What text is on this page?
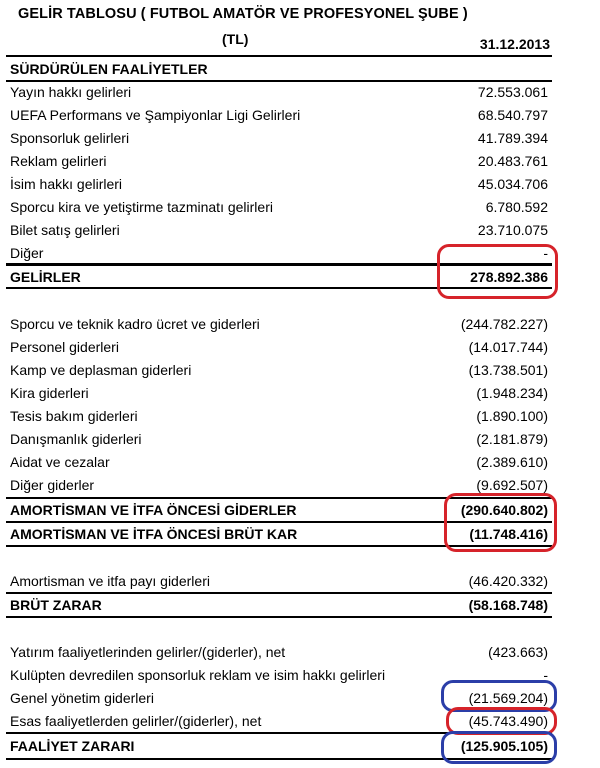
GELİR TABLOSU ( FUTBOL AMATÖR VE PROFESYONEL ŞUBE )
(TL)	31.12.2013
SÜRDÜRÜLEN FAALİYETLER
Yayın hakkı gelirleri	72.553.061
UEFA Performans ve Şampiyonlar Ligi Gelirleri	68.540.797
Sponsorluk gelirleri	41.789.394
Reklam gelirleri	20.483.761
İsim hakkı gelirleri	45.034.706
Sporcu kira ve yetiştirme tazminatı gelirleri	6.780.592
Bilet satış gelirleri	23.710.075
Diğer	-
GELİRLER	278.892.386
Sporcu ve teknik kadro ücret ve giderleri	(244.782.227)
Personel giderleri	(14.017.744)
Kamp ve deplasman giderleri	(13.738.501)
Kira giderleri	(1.948.234)
Tesis bakım giderleri	(1.890.100)
Danışmanlık giderleri	(2.181.879)
Aidat ve cezalar	(2.389.610)
Diğer giderler	(9.692.507)
AMORTİSMAN VE İTFA ÖNCESİ GİDERLER	(290.640.802)
AMORTİSMAN VE İTFA ÖNCESİ BRÜT KAR	(11.748.416)
Amortisman ve itfa payı giderleri	(46.420.332)
BRÜT ZARAR	(58.168.748)
Yatırım faaliyetlerinden gelirler/(giderler), net	(423.663)
Kulüpten devredilen sponsorluk reklam ve isim hakkı gelirleri	-
Genel yönetim giderleri	(21.569.204)
Esas faaliyetlerden gelirler/(giderler), net	(45.743.490)
FAALİYET ZARARI	(125.905.105)
